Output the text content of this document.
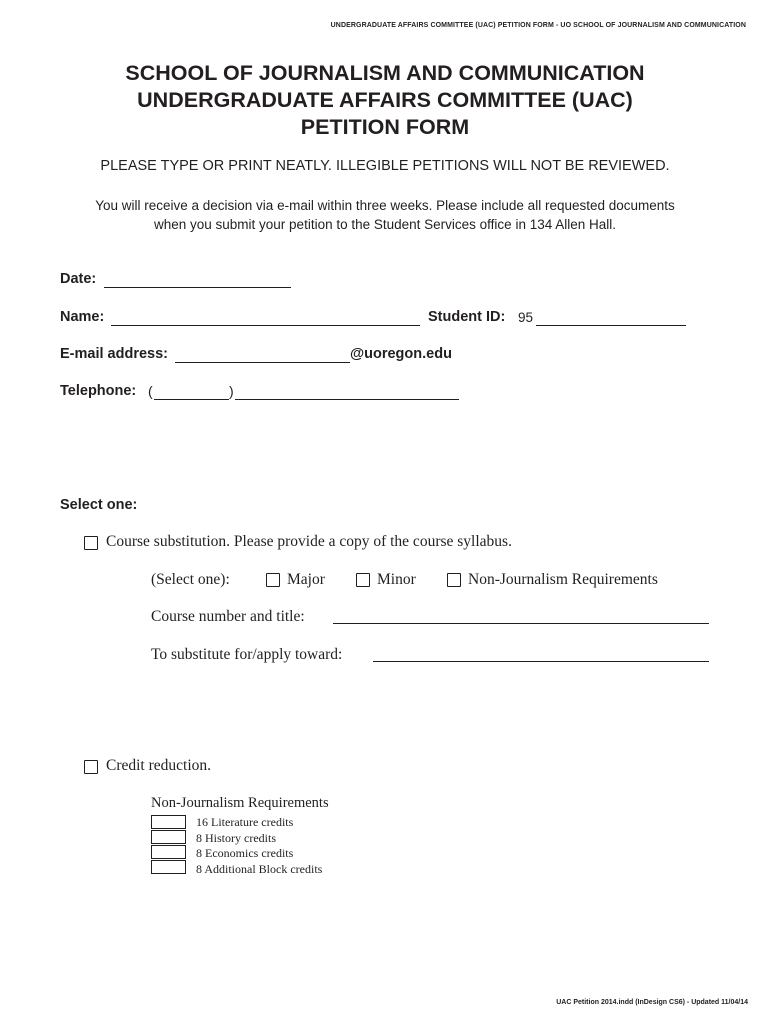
UNDERGRADUATE AFFAIRS COMMITTEE (UAC) PETITION FORM - UO SCHOOL OF JOURNALISM AND COMMUNICATION
SCHOOL OF JOURNALISM AND COMMUNICATION
UNDERGRADUATE AFFAIRS COMMITTEE (UAC)
PETITION FORM
PLEASE TYPE OR PRINT NEATLY. ILLEGIBLE PETITIONS WILL NOT BE REVIEWED.
You will receive a decision via e-mail within three weeks. Please include all requested documents
when you submit your petition to the Student Services office in 134 Allen Hall.
Date:
Name:	Student ID: 95
E-mail address:	@uoregon.edu
Telephone: (	)
Select one:
Course substitution. Please provide a copy of the course syllabus.
(Select one):	Major	Minor	Non-Journalism Requirements
Course number and title:
To substitute for/apply toward:
Credit reduction.
Non-Journalism Requirements
16 Literature credits
8 History credits
8 Economics credits
8 Additional Block credits
UAC Petition 2014.indd (InDesign CS6) - Updated 11/04/14
